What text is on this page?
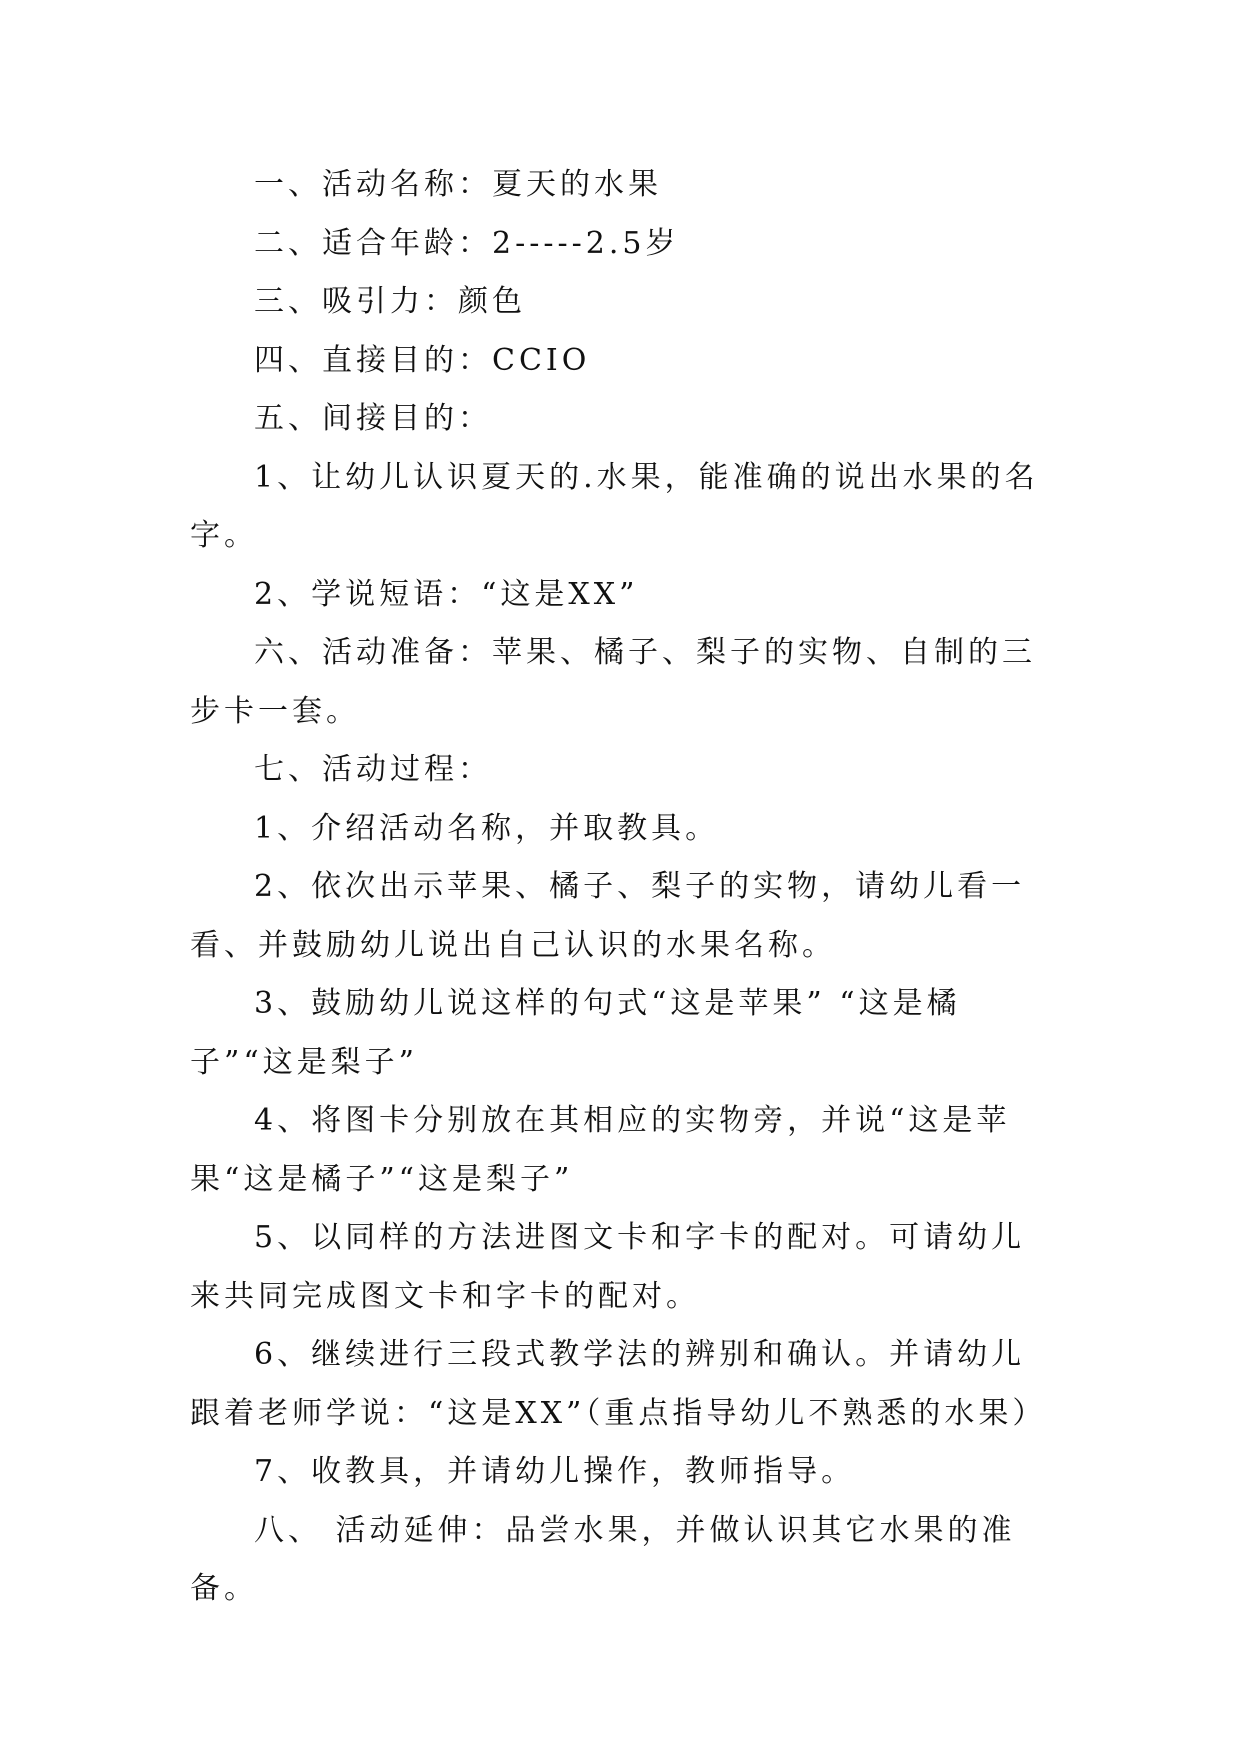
一、活动名称：夏天的水果

二、适合年龄：2-----2.5岁

三、吸引力：颜色

四、直接目的：CCIO

五、间接目的：

1、让幼儿认识夏天的.水果，能准确的说出水果的名字。

2、学说短语：“这是XX”

六、活动准备：苹果、橘子、梨子的实物、自制的三步卡一套。

七、活动过程：

1、介绍活动名称，并取教具。

2、依次出示苹果、橘子、梨子的实物，请幼儿看一看、并鼓励幼儿说出自己认识的水果名称。

3、鼓励幼儿说这样的句式“这是苹果” “这是橘子”“这是梨子”

4、将图卡分别放在其相应的实物旁，并说“这是苹果“这是橘子”“这是梨子”

5、以同样的方法进图文卡和字卡的配对。可请幼儿来共同完成图文卡和字卡的配对。

6、继续进行三段式教学法的辨别和确认。并请幼儿跟着老师学说：“这是XX”（重点指导幼儿不熟悉的水果）

7、收教具，并请幼儿操作，教师指导。

八、 活动延伸：品尝水果，并做认识其它水果的准备。
